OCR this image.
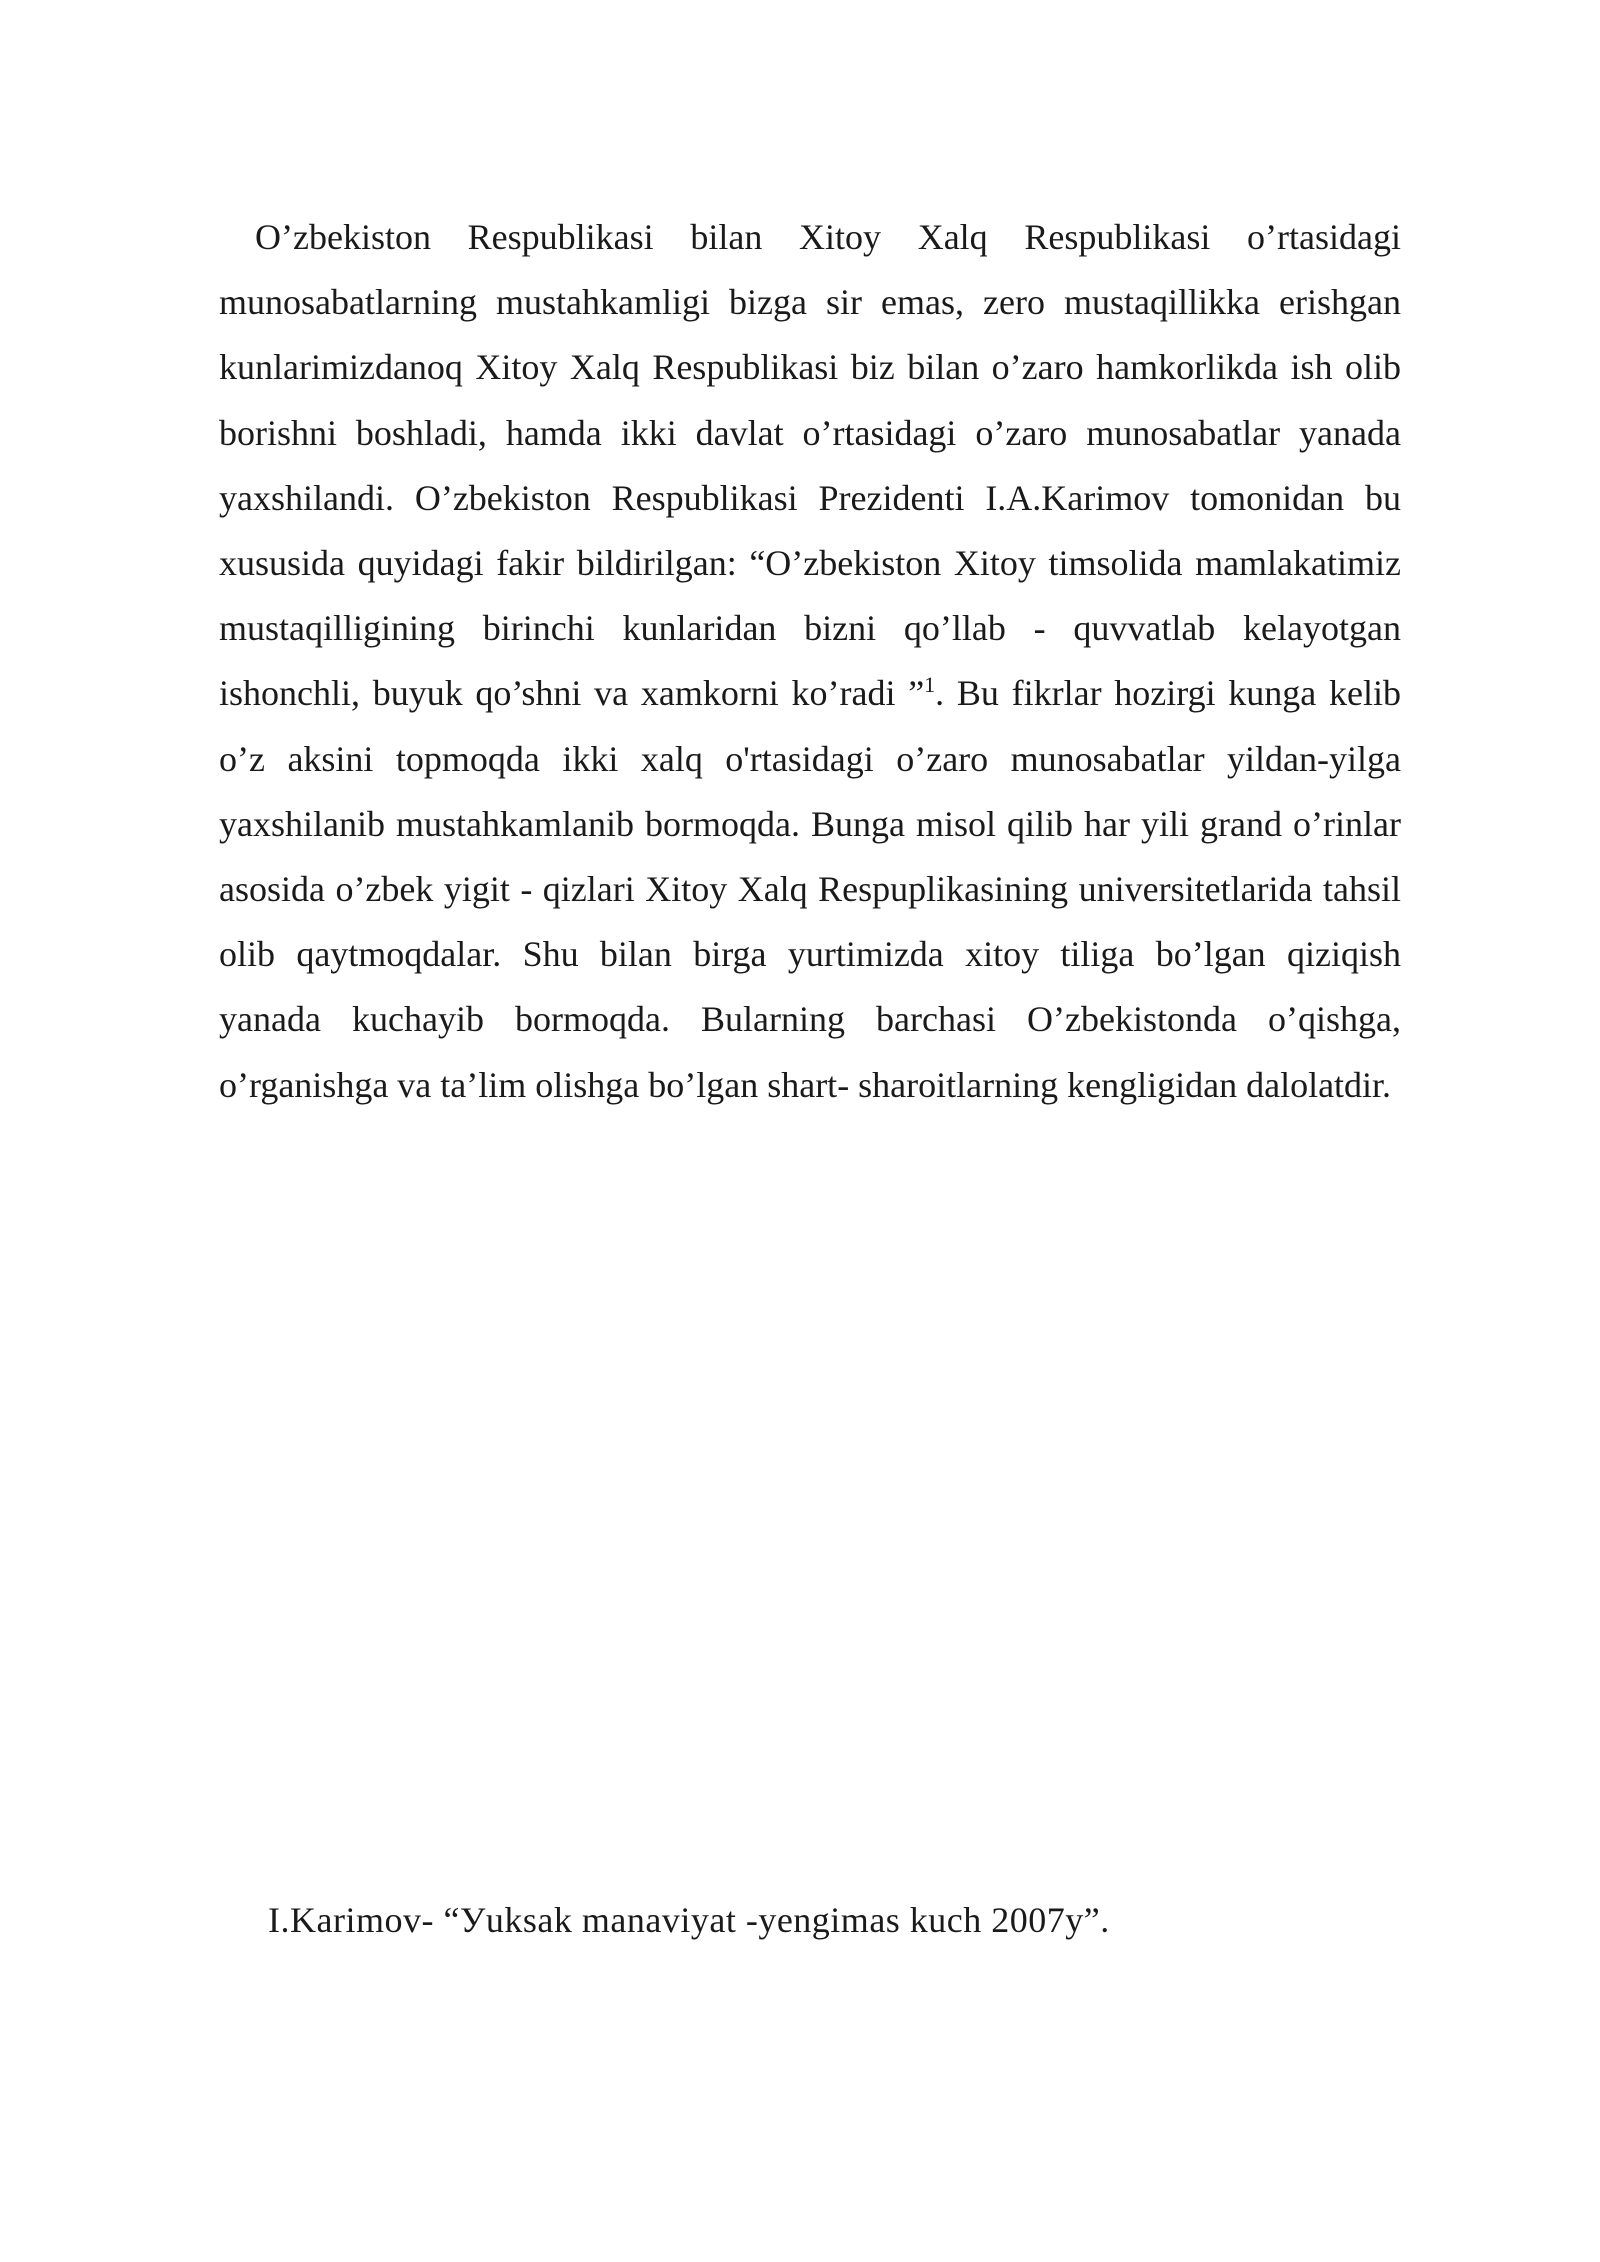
O’zbekiston Respublikasi bilan Xitoy Xalq Respublikasi o’rtasidagi munosabatlarning mustahkamligi bizga sir emas, zero mustaqillikka erishgan kunlarimizdanoq Xitoy Xalq Respublikasi biz bilan o’zaro hamkorlikda ish olib borishni boshladi, hamda ikki davlat o’rtasidagi o’zaro munosabatlar yanada yaxshilandi. O’zbekiston Respublikasi Prezidenti I.A.Karimov tomonidan bu xususida quyidagi fakir bildirilgan: “O’zbekiston Xitoy timsolida mamlakatimiz mustaqilligining birinchi kunlaridan bizni qo’llab - quvvatlab kelayotgan ishonchli, buyuk qo’shni va xamkorni ko’radi ”$^1$. Bu fikrlar hozirgi kunga kelib o’z aksini topmoqda ikki xalq o'rtasidagi o’zaro munosabatlar yildan-yilga yaxshilanib mustahkamlanib bormoqda. Bunga misol qilib har yili grand o’rinlar asosida o’zbek yigit - qizlari Xitoy Xalq Respuplikasining universitetlarida tahsil olib qaytmoqdalar. Shu bilan birga yurtimizda xitoy tiliga bo’lgan qiziqish yanada kuchayib bormoqda. Bularning barchasi O’zbekistonda o’qishga, o’rganishga va ta’lim olishga bo’lgan shart- sharoitlarning kengligidan dalolatdir.

I.Karimov- “Уuksak manaviyat -yengimas kuch 2007y”.
